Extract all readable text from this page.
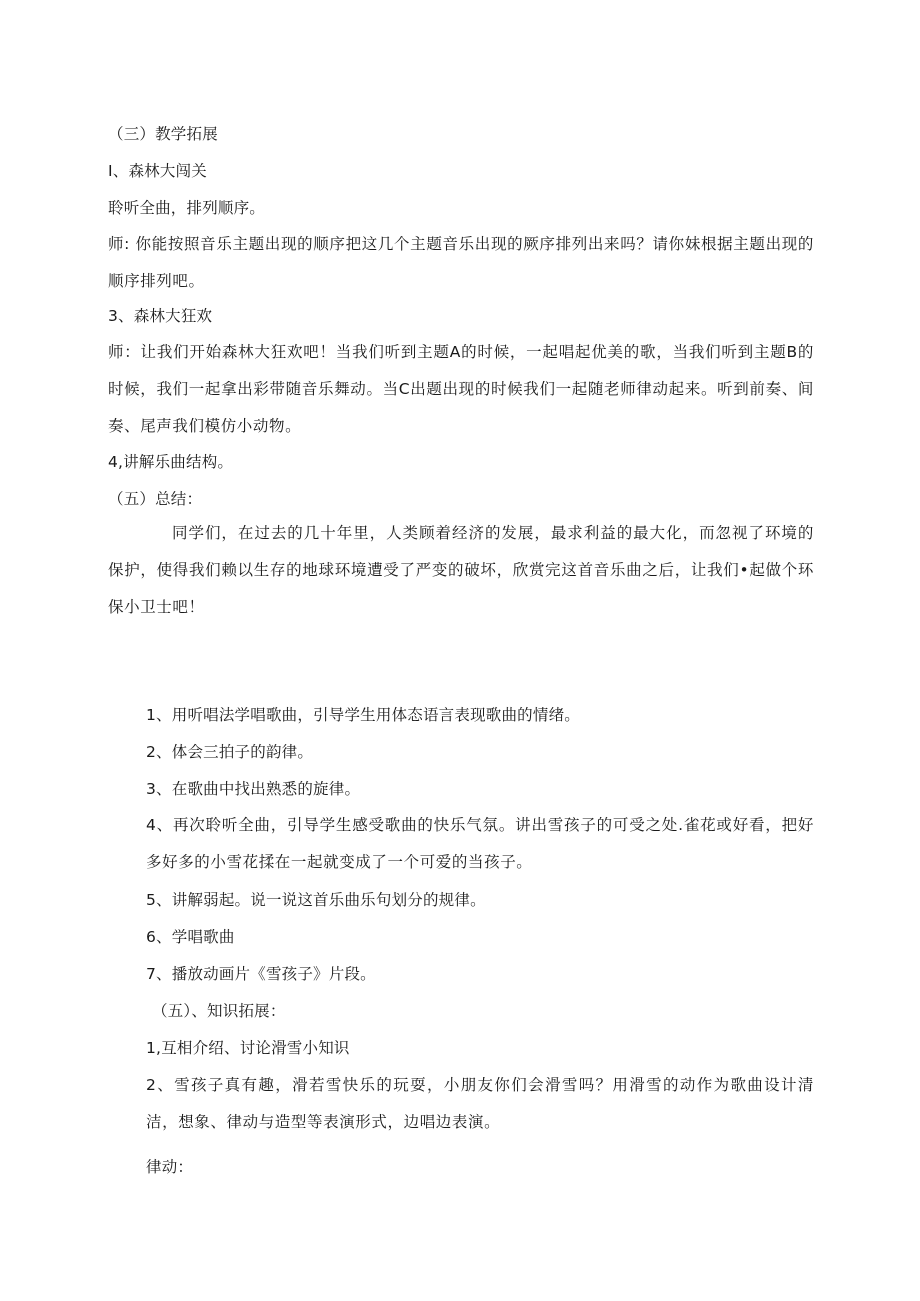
（三）教学拓展
I、森林大闯关
聆听全曲，排列顺序。
师: 你能按照音乐主题出现的顺序把这几个主题音乐出现的厥序排列出来吗？请你妹根据主题出现的顺序排列吧。
3、森林大狂欢
师：让我们开始森林大狂欢吧！当我们听到主题A的时候，一起唱起优美的歌，当我们听到主题B的时候，我们一起拿出彩带随音乐舞动。当C出题出现的时候我们一起随老师律动起来。听到前奏、间奏、尾声我们模仿小动物。
4,讲解乐曲结构。
（五）总结：
同学们，在过去的几十年里，人类顾着经济的发展，最求利益的最大化，而忽视了环境的保护，使得我们赖以生存的地球环境遭受了严变的破坏，欣赏完这首音乐曲之后，让我们•起做个环保小卫士吧！
1、用听唱法学唱歌曲，引导学生用体态语言表现歌曲的情绪。
2、体会三拍子的韵律。
3、在歌曲中找出熟悉的旋律。
4、再次聆听全曲，引导学生感受歌曲的快乐气氛。讲出雪孩子的可受之处.雀花或好看，把好多好多的小雪花揉在一起就变成了一个可爱的当孩子。
5、讲解弱起。说一说这首乐曲乐句划分的规律。
6、学唱歌曲
7、播放动画片《雪孩子》片段。
（五）、知识拓展：
1,互相介绍、讨论滑雪小知识
2、雪孩子真有趣，滑若雪快乐的玩耍，小朋友你们会滑雪吗？用滑雪的动作为歌曲设计清洁，想象、律动与造型等表演形式，边唱边表演。
律动：
